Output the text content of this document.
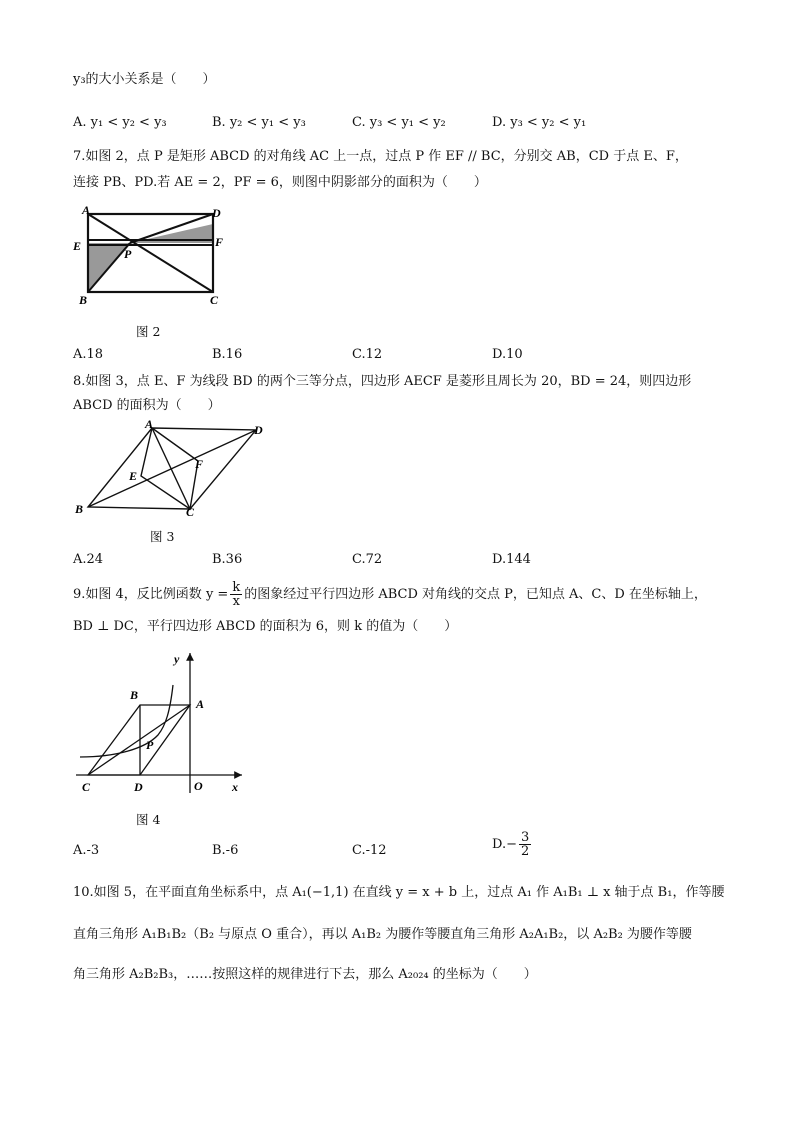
y₃的大小关系是（　　）
A. y₁ < y₂ < y₃	B. y₂ < y₁ < y₃	C. y₃ < y₁ < y₂	D. y₃ < y₂ < y₁
7.如图 2，点 P 是矩形 ABCD 的对角线 AC 上一点，过点 P 作 EF // BC，分别交 AB，CD 于点 E、F，
连接 PB、PD.若 AE = 2，PF = 6，则图中阴影部分的面积为（　　）
A	D
E	F
P
B	C
图 2
A.18	B.16	C.12	D.10
8.如图 3，点 E、F 为线段 BD 的两个三等分点，四边形 AECF 是菱形且周长为 20，BD = 24，则四边形
ABCD 的面积为（　　）
A	D
E
F
B	C
图 3
A.24	B.36	C.72	D.144
9.如图 4，反比例函数 $y = \frac{k}{x}$ 的图象经过平行四边形 ABCD 对角线的交点 P，已知点 A、C、D 在坐标轴上，
BD ⊥ DC，平行四边形 ABCD 的面积为 6，则 k 的值为（　　）
y
x
O
A
B
C	D
P
图 4
A.-3	B.-6	C.-12	$D.- \frac{3}{2}$
10.如图 5，在平面直角坐标系中，点 A₁(−1,1) 在直线 y = x + b 上，过点 A₁ 作 A₁B₁ ⊥ x 轴于点 B₁，作等腰
直角三角形 A₁B₁B₂（B₂ 与原点 O 重合），再以 A₁B₂ 为腰作等腰直角三角形 A₂A₁B₂，以 A₂B₂ 为腰作等腰
角三角形 A₂B₂B₃，……按照这样的规律进行下去，那么 A₂₀₂₄ 的坐标为（　　）
